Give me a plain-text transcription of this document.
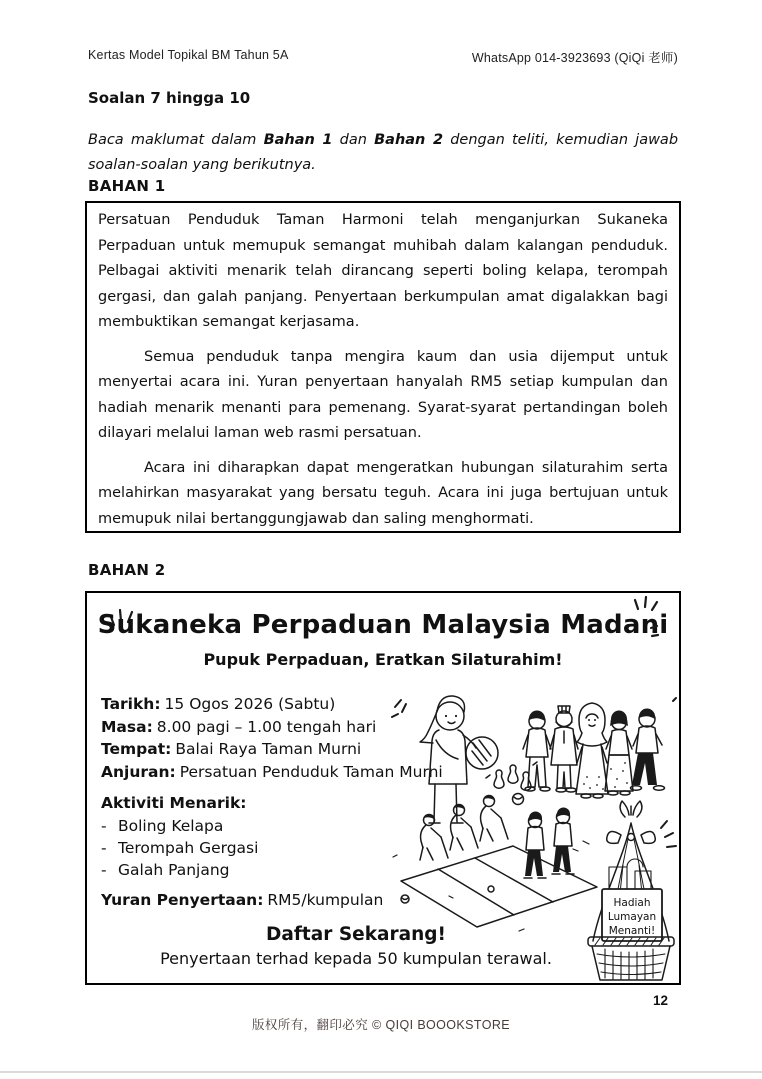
Kertas Model Topikal BM Tahun 5A	WhatsApp 014-3923693 (QiQi 老师)
Soalan 7 hingga 10

Baca maklumat dalam Bahan 1 dan Bahan 2 dengan teliti, kemudian jawab soalan-soalan yang berikutnya.

BAHAN 1

Persatuan Penduduk Taman Harmoni telah menganjurkan Sukaneka Perpaduan untuk memupuk semangat muhibah dalam kalangan penduduk. Pelbagai aktiviti menarik telah dirancang seperti boling kelapa, terompah gergasi, dan galah panjang. Penyertaan berkumpulan amat digalakkan bagi membuktikan semangat kerjasama.

Semua penduduk tanpa mengira kaum dan usia dijemput untuk menyertai acara ini. Yuran penyertaan hanyalah RM5 setiap kumpulan dan hadiah menarik menanti para pemenang. Syarat-syarat pertandingan boleh dilayari melalui laman web rasmi persatuan.

Acara ini diharapkan dapat mengeratkan hubungan silaturahim serta melahirkan masyarakat yang bersatu teguh. Acara ini juga bertujuan untuk memupuk nilai bertanggungjawab dan saling menghormati.

BAHAN 2
Sukaneka Perpaduan Malaysia Madani
Pupuk Perpaduan, Eratkan Silaturahim!
Tarikh: 15 Ogos 2026 (Sabtu)
Masa: 8.00 pagi – 1.00 tengah hari
Tempat: Balai Raya Taman Murni
Anjuran: Persatuan Penduduk Taman Murni
Aktiviti Menarik:
- Boling Kelapa
- Terompah Gergasi
- Galah Panjang
Yuran Penyertaan: RM5/kumpulan	Hadiah
Lumayan
Menanti!
Daftar Sekarang!
Penyertaan terhad kepada 50 kumpulan terawal.
12
版权所有，翻印必究 © QIQI BOOOKSTORE
